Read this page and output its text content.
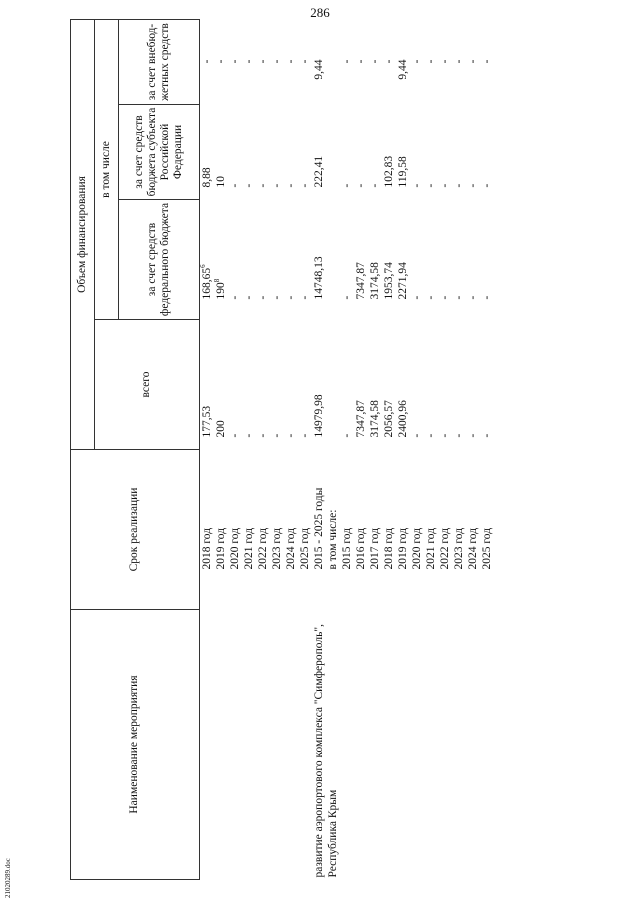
286
Наименование мероприятия	Срок реализации	Объем финансирования			
		всего	в том числе		
			за счет средств федерального бюджета	за счет средств бюджета субъекта Российской Федерации	за счет внебюд-жетных средств
	2018 год	177,53	168,65$^6$	8,88	-
	2019 год	200	$190^8$	10	-
	2020 год	-	-	-	-
	2021 год	-	-	-	-
	2022 год	-	-	-	-
	2023 год	-	-	-	-
	2024 год	-	-	-	-
	2025 год	-	-	-	-
развитие аэропортового комплекса "Симферополь", Республика Крым	2015 - 2025 годы	14979,98	14748,13	222,41	9,44
	в том числе:				
	2015 год	-	-	-	-
	2016 год	7347,87	7347,87	-	-
	2017 год	3174,58	3174,58	-	-
	2018 год	2056,57	1953,74	102,83	-
	2019 год	2400,96	2271,94	119,58	9,44
	2020 год	-	-	-	-
	2021 год	-	-	-	-
	2022 год	-	-	-	-
	2023 год	-	-	-	-
	2024 год	-	-	-	-
	2025 год	-	-	-	-
21020289.doc
